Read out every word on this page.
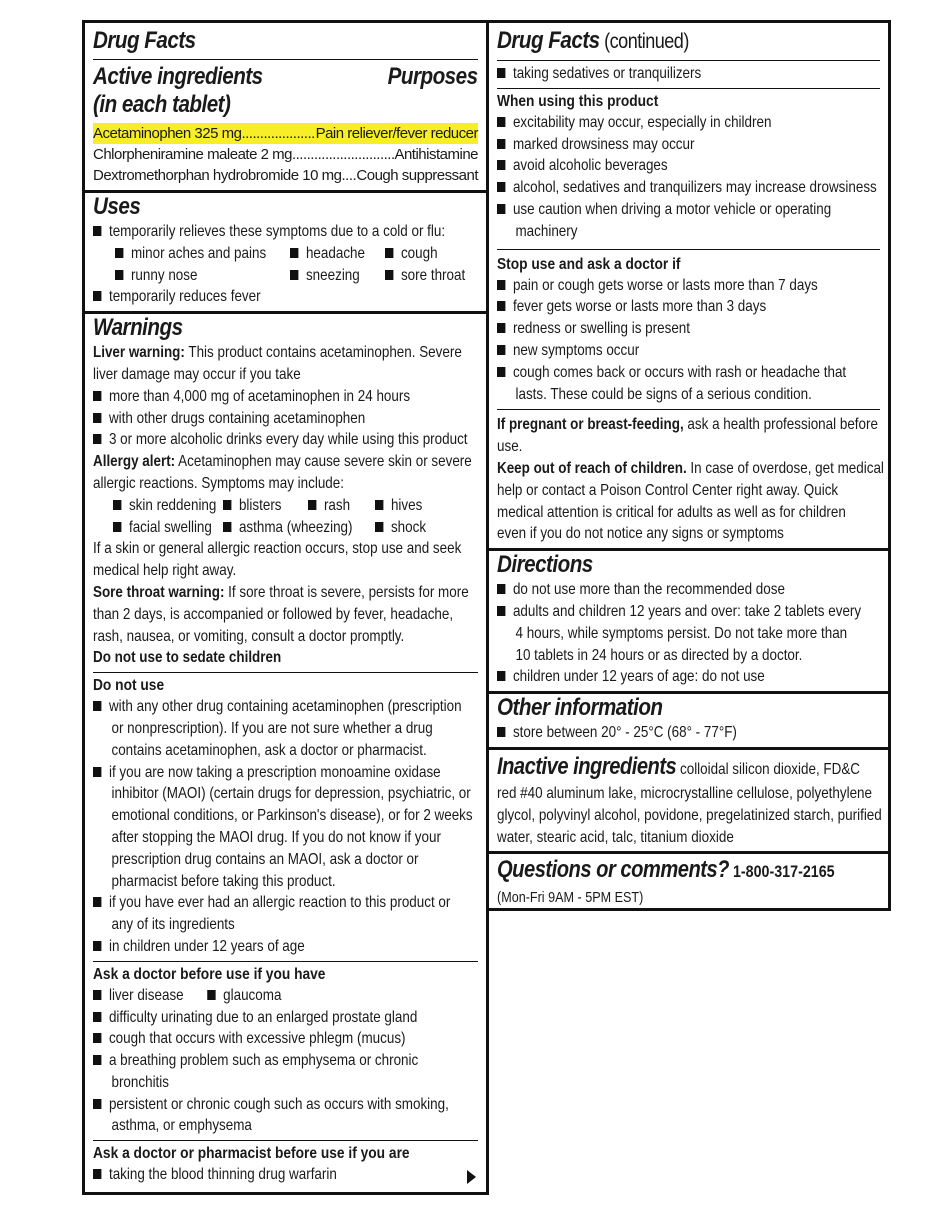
Drug Facts
Active ingredients	Purposes
(in each tablet)
Acetaminophen 325 mg .....	Pain reliever/fever reducer
Chlorpheniramine maleate 2 mg .....	Antihistamine
Dextromethorphan hydrobromide 10 mg ..... Cough suppressant
Uses
temporarily relieves these symptoms due to a cold or flu:
minor aches and pains	headache	cough
runny nose	sneezing	sore throat
temporarily reduces fever
Warnings
Liver warning: This product contains acetaminophen. Severe
liver damage may occur if you take
more than 4,000 mg of acetaminophen in 24 hours
with other drugs containing acetaminophen
3 or more alcoholic drinks every day while using this product
Allergy alert: Acetaminophen may cause severe skin or severe
allergic reactions. Symptoms may include:
skin reddening	blisters	rash	hives
facial swelling	asthma (wheezing)	shock
If a skin or general allergic reaction occurs, stop use and seek
medical help right away.
Sore throat warning: If sore throat is severe, persists for more
than 2 days, is accompanied or followed by fever, headache,
rash, nausea, or vomiting, consult a doctor promptly.
Do not use to sedate children
Do not use
with any other drug containing acetaminophen (prescription
or nonprescription). If you are not sure whether a drug
contains acetaminophen, ask a doctor or pharmacist.
if you are now taking a prescription monoamine oxidase
inhibitor (MAOI) (certain drugs for depression, psychiatric, or
emotional conditions, or Parkinson's disease), or for 2 weeks
after stopping the MAOI drug. If you do not know if your
prescription drug contains an MAOI, ask a doctor or
pharmacist before taking this product.
if you have ever had an allergic reaction to this product or
any of its ingredients
in children under 12 years of age
Ask a doctor before use if you have
liver disease glaucoma
difficulty urinating due to an enlarged prostate gland
cough that occurs with excessive phlegm (mucus)
a breathing problem such as emphysema or chronic
bronchitis
persistent or chronic cough such as occurs with smoking,
asthma, or emphysema
Ask a doctor or pharmacist before use if you are
taking the blood thinning drug warfarin
Drug Facts (continued)
taking sedatives or tranquilizers
When using this product
excitability may occur, especially in children
marked drowsiness may occur
avoid alcoholic beverages
alcohol, sedatives and tranquilizers may increase drowsiness
use caution when driving a motor vehicle or operating
machinery
Stop use and ask a doctor if
pain or cough gets worse or lasts more than 7 days
fever gets worse or lasts more than 3 days
redness or swelling is present
new symptoms occur
cough comes back or occurs with rash or headache that
lasts. These could be signs of a serious condition.
If pregnant or breast-feeding, ask a health professional before
use.
Keep out of reach of children. In case of overdose, get medical
help or contact a Poison Control Center right away. Quick
medical attention is critical for adults as well as for children
even if you do not notice any signs or symptoms
Directions
do not use more than the recommended dose
adults and children 12 years and over: take 2 tablets every
4 hours, while symptoms persist. Do not take more than
10 tablets in 24 hours or as directed by a doctor.
children under 12 years of age: do not use
Other information
store between 20° - 25°C (68° - 77°F)
Inactive ingredients colloidal silicon dioxide, FD&C
red #40 aluminum lake, microcrystalline cellulose, polyethylene
glycol, polyvinyl alcohol, povidone, pregelatinized starch, purified
water, stearic acid, talc, titanium dioxide
Questions or comments? 1-800-317-2165
(Mon-Fri 9AM - 5PM EST)
